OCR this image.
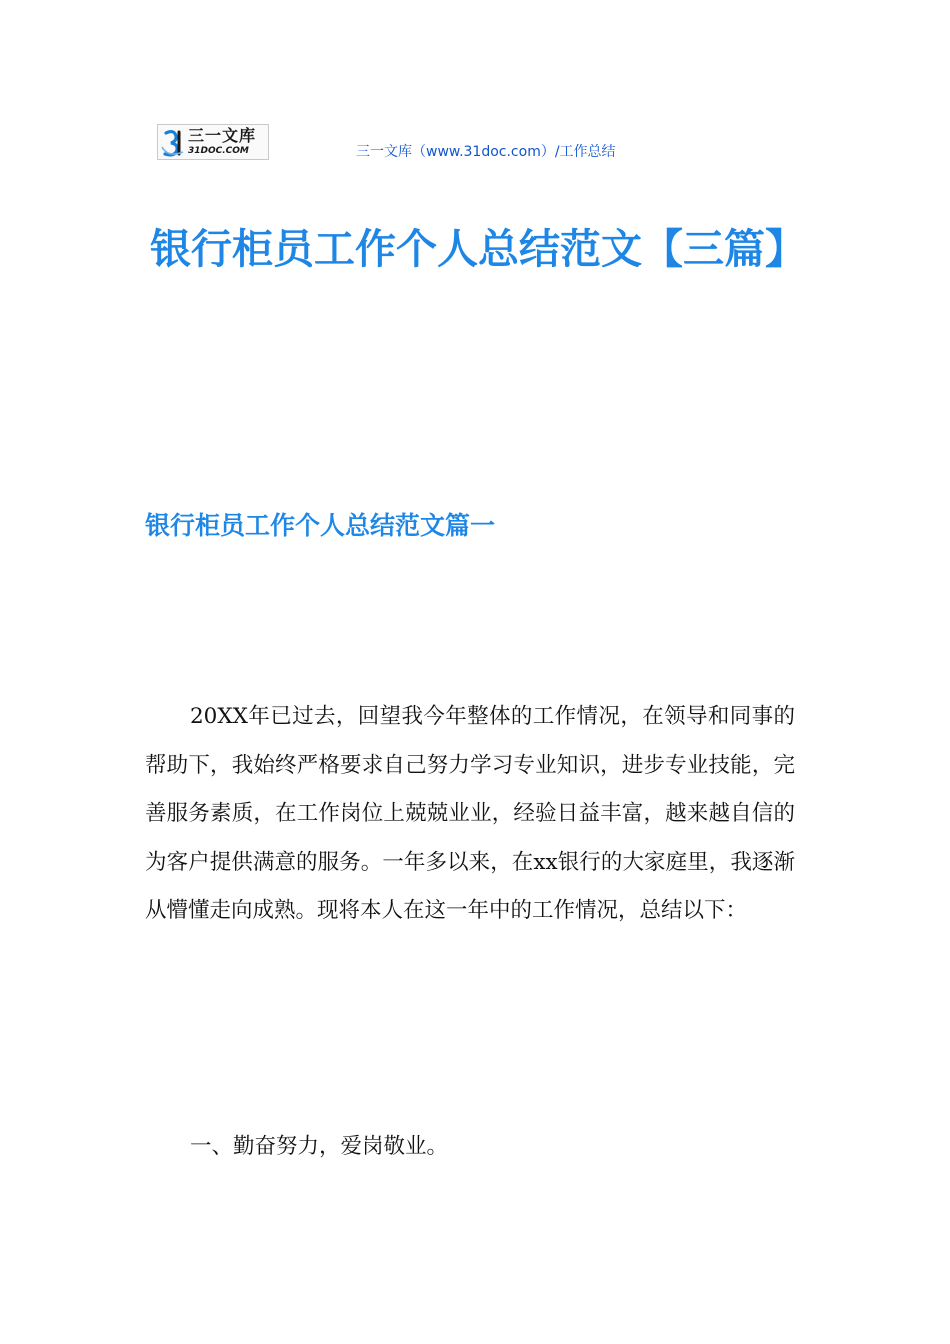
三一文库
31DOC.COM	三一文库（www.31doc.com）/工作总结
银行柜员工作个人总结范文【三篇】
银行柜员工作个人总结范文篇一

20XX年已过去，回望我今年整体的工作情况，在领导和同事的帮助下，我始终严格要求自己努力学习专业知识，进步专业技能，完善服务素质，在工作岗位上兢兢业业，经验日益丰富，越来越自信的为客户提供满意的服务。一年多以来，在xx银行的大家庭里，我逐渐从懵懂走向成熟。现将本人在这一年中的工作情况，总结以下：

一、勤奋努力，爱岗敬业。
